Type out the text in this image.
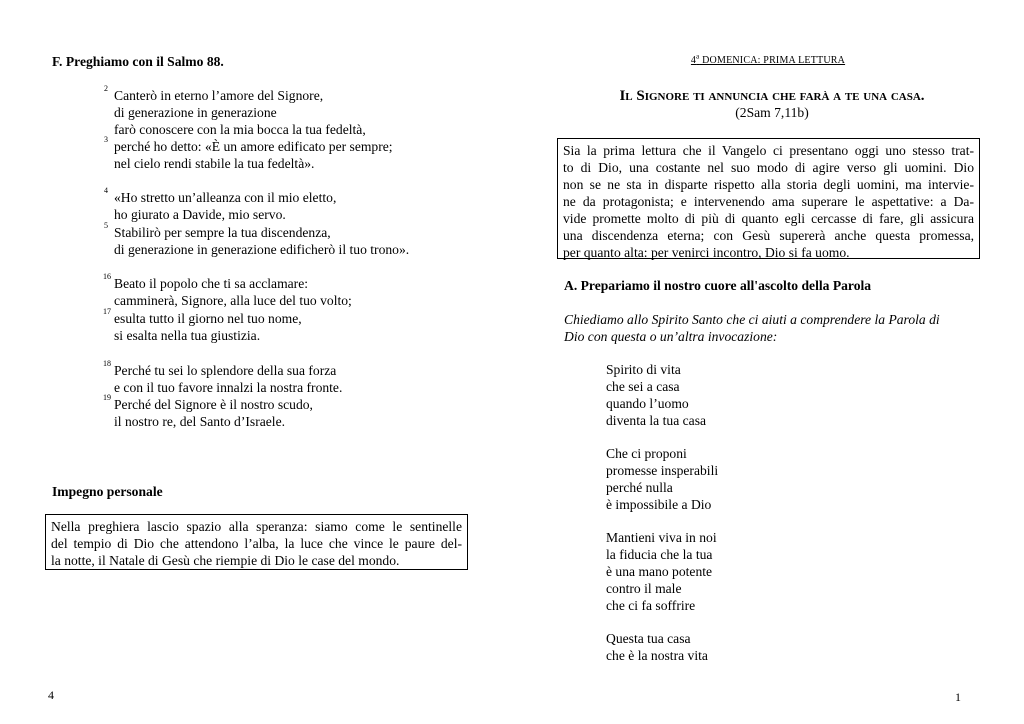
F. Preghiamo con il Salmo 88.
2
3
4
5
16
17
18
19
Canterò in eterno l’amore del Signore,
di generazione in generazione
farò conoscere con la mia bocca la tua fedeltà,
perché ho detto: «È un amore edificato per sempre;
nel cielo rendi stabile la tua fedeltà».
«Ho stretto un’alleanza con il mio eletto,
ho giurato a Davide, mio servo.
Stabilirò per sempre la tua discendenza,
di generazione in generazione edificherò il tuo trono».
Beato il popolo che ti sa acclamare:
camminerà, Signore, alla luce del tuo volto;
esulta tutto il giorno nel tuo nome,
si esalta nella tua giustizia.
Perché tu sei lo splendore della sua forza
e con il tuo favore innalzi la nostra fronte.
Perché del Signore è il nostro scudo,
il nostro re, del Santo d’Israele.
Impegno personale
Nella preghiera lascio spazio alla speranza: siamo come le sentinelle
del tempio di Dio che attendono l’alba, la luce che vince le paure del-
la notte, il Natale di Gesù che riempie di Dio le case del mondo.
4
4$^a$ DOMENICA: PRIMA LETTURA
Il Signore ti annuncia che farà a te una casa.
(2Sam 7,11b)
Sia la prima lettura che il Vangelo ci presentano oggi uno stesso trat-
to di Dio, una costante nel suo modo di agire verso gli uomini. Dio
non se ne sta in disparte rispetto alla storia degli uomini, ma intervie-
ne da protagonista; e intervenendo ama superare le aspettative: a Da-
vide promette molto di più di quanto egli cercasse di fare, gli assicura
una discendenza eterna; con Gesù supererà anche questa promessa,
per quanto alta: per venirci incontro, Dio si fa uomo.
A. Prepariamo il nostro cuore all'ascolto della Parola
Chiediamo allo Spirito Santo che ci aiuti a comprendere la Parola di
Dio con questa o un’altra invocazione:
Spirito di vita
che sei a casa
quando l’uomo
diventa la tua casa
Che ci proponi
promesse insperabili
perché nulla
è impossibile a Dio
Mantieni viva in noi
la fiducia che la tua
è una mano potente
contro il male
che ci fa soffrire
Questa tua casa
che è la nostra vita
1
